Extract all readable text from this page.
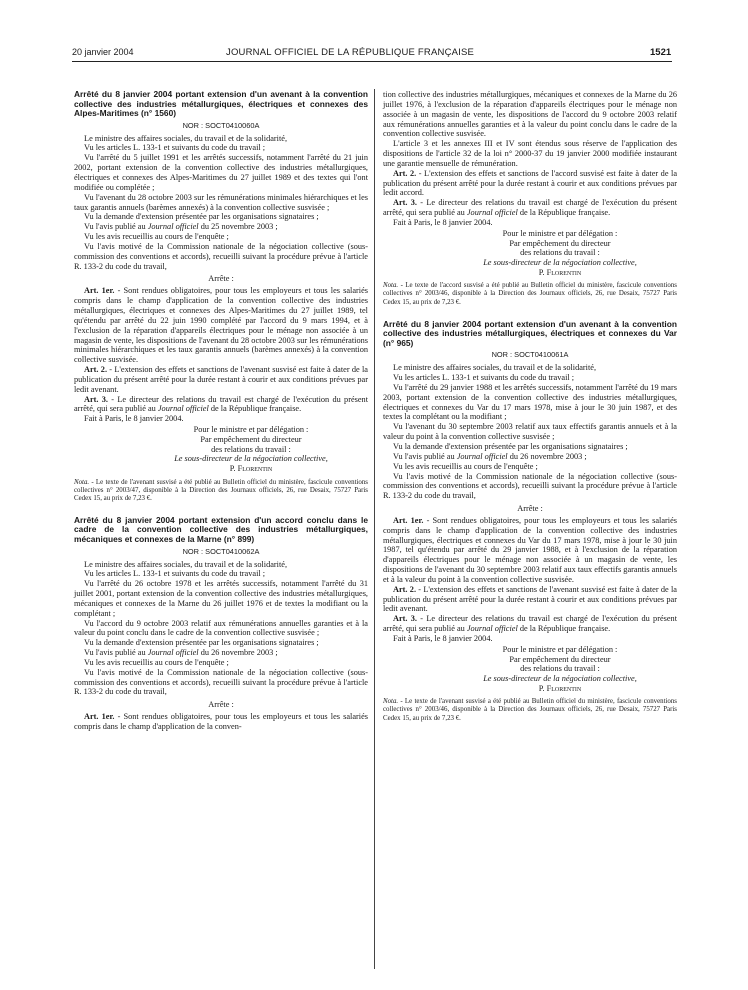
20 janvier 2004	JOURNAL OFFICIEL DE LA RÉPUBLIQUE FRANÇAISE	1521
Arrêté du 8 janvier 2004 portant extension d'un avenant à la convention collective des industries métallurgiques, électriques et connexes des Alpes-Maritimes (n° 1560)
NOR : SOCT0410060A

Le ministre des affaires sociales, du travail et de la solidarité,

Vu les articles L. 133-1 et suivants du code du travail ;

Vu l'arrêté du 5 juillet 1991 et les arrêtés successifs, notamment l'arrêté du 21 juin 2002, portant extension de la convention collective des industries métallurgiques, électriques et connexes des Alpes-Maritimes du 27 juillet 1989 et des textes qui l'ont modifiée ou complétée ;

Vu l'avenant du 28 octobre 2003 sur les rémunérations minimales hiérarchiques et les taux garantis annuels (barèmes annexés) à la convention collective susvisée ;

Vu la demande d'extension présentée par les organisations signataires ;

Vu l'avis publié au Journal officiel du 25 novembre 2003 ;

Vu les avis recueillis au cours de l'enquête ;

Vu l'avis motivé de la Commission nationale de la négociation collective (sous-commission des conventions et accords), recueilli suivant la procédure prévue à l'article R. 133-2 du code du travail,

Arrête :

Art. 1er. - Sont rendues obligatoires, pour tous les employeurs et tous les salariés compris dans le champ d'application de la convention collective des industries métallurgiques, électriques et connexes des Alpes-Maritimes du 27 juillet 1989, tel qu'étendu par arrêté du 22 juin 1990 complété par l'accord du 9 mars 1994, et à l'exclusion de la réparation d'appareils électriques pour le ménage non associée à un magasin de vente, les dispositions de l'avenant du 28 octobre 2003 sur les rémunérations minimales hiérarchiques et les taux garantis annuels (barèmes annexés) à la convention collective susvisée.

Art. 2. - L'extension des effets et sanctions de l'avenant susvisé est faite à dater de la publication du présent arrêté pour la durée restant à courir et aux conditions prévues par ledit avenant.

Art. 3. - Le directeur des relations du travail est chargé de l'exécution du présent arrêté, qui sera publié au Journal officiel de la République française.

Fait à Paris, le 8 janvier 2004.

Pour le ministre et par délégation :
Par empêchement du directeur
des relations du travail :
Le sous-directeur de la négociation collective,
P. Florentin
Nota. - Le texte de l'avenant susvisé a été publié au Bulletin officiel du ministère, fascicule conventions collectives n° 2003/47, disponible à la Direction des Journaux officiels, 26, rue Desaix, 75727 Paris Cedex 15, au prix de 7,23 €.
Arrêté du 8 janvier 2004 portant extension d'un accord conclu dans le cadre de la convention collective des industries métallurgiques, mécaniques et connexes de la Marne (n° 899)
NOR : SOCT0410062A

Le ministre des affaires sociales, du travail et de la solidarité,

Vu les articles L. 133-1 et suivants du code du travail ;

Vu l'arrêté du 26 octobre 1978 et les arrêtés successifs, notamment l'arrêté du 31 juillet 2001, portant extension de la convention collective des industries métallurgiques, mécaniques et connexes de la Marne du 26 juillet 1976 et de textes la modifiant ou la complétant ;

Vu l'accord du 9 octobre 2003 relatif aux rémunérations annuelles garanties et à la valeur du point conclu dans le cadre de la convention collective susvisée ;

Vu la demande d'extension présentée par les organisations signataires ;

Vu l'avis publié au Journal officiel du 26 novembre 2003 ;

Vu les avis recueillis au cours de l'enquête ;

Vu l'avis motivé de la Commission nationale de la négociation collective (sous-commission des conventions et accords), recueilli suivant la procédure prévue à l'article R. 133-2 du code du travail,

Arrête :

Art. 1er. - Sont rendues obligatoires, pour tous les employeurs et tous les salariés compris dans le champ d'application de la conven-

tion collective des industries métallurgiques, mécaniques et connexes de la Marne du 26 juillet 1976, à l'exclusion de la réparation d'appareils électriques pour le ménage non associée à un magasin de vente, les dispositions de l'accord du 9 octobre 2003 relatif aux rémunérations annuelles garanties et à la valeur du point conclu dans le cadre de la convention collective susvisée.

L'article 3 et les annexes III et IV sont étendus sous réserve de l'application des dispositions de l'article 32 de la loi n° 2000-37 du 19 janvier 2000 modifiée instaurant une garantie mensuelle de rémunération.

Art. 2. - L'extension des effets et sanctions de l'accord susvisé est faite à dater de la publication du présent arrêté pour la durée restant à courir et aux conditions prévues par ledit accord.

Art. 3. - Le directeur des relations du travail est chargé de l'exécution du présent arrêté, qui sera publié au Journal officiel de la République française.

Fait à Paris, le 8 janvier 2004.

Pour le ministre et par délégation :
Par empêchement du directeur
des relations du travail :
Le sous-directeur de la négociation collective,
P. Florentin
Nota. - Le texte de l'accord susvisé a été publié au Bulletin officiel du ministère, fascicule conventions collectives n° 2003/46, disponible à la Direction des Journaux officiels, 26, rue Desaix, 75727 Paris Cedex 15, au prix de 7,23 €.
Arrêté du 8 janvier 2004 portant extension d'un avenant à la convention collective des industries métallurgiques, électriques et connexes du Var (n° 965)
NOR : SOCT0410061A

Le ministre des affaires sociales, du travail et de la solidarité,

Vu les articles L. 133-1 et suivants du code du travail ;

Vu l'arrêté du 29 janvier 1988 et les arrêtés successifs, notamment l'arrêté du 19 mars 2003, portant extension de la convention collective des industries métallurgiques, électriques et connexes du Var du 17 mars 1978, mise à jour le 30 juin 1987, et des textes la complétant ou la modifiant ;

Vu l'avenant du 30 septembre 2003 relatif aux taux effectifs garantis annuels et à la valeur du point à la convention collective susvisée ;

Vu la demande d'extension présentée par les organisations signataires ;

Vu l'avis publié au Journal officiel du 26 novembre 2003 ;

Vu les avis recueillis au cours de l'enquête ;

Vu l'avis motivé de la Commission nationale de la négociation collective (sous-commission des conventions et accords), recueilli suivant la procédure prévue à l'article R. 133-2 du code du travail,

Arrête :

Art. 1er. - Sont rendues obligatoires, pour tous les employeurs et tous les salariés compris dans le champ d'application de la convention collective des industries métallurgiques, électriques et connexes du Var du 17 mars 1978, mise à jour le 30 juin 1987, tel qu'étendu par arrêté du 29 janvier 1988, et à l'exclusion de la réparation d'appareils électriques pour le ménage non associée à un magasin de vente, les dispositions de l'avenant du 30 septembre 2003 relatif aux taux effectifs garantis annuels et à la valeur du point à la convention collective susvisée.

Art. 2. - L'extension des effets et sanctions de l'avenant susvisé est faite à dater de la publication du présent arrêté pour la durée restant à courir et aux conditions prévues par ledit avenant.

Art. 3. - Le directeur des relations du travail est chargé de l'exécution du présent arrêté, qui sera publié au Journal officiel de la République française.

Fait à Paris, le 8 janvier 2004.

Pour le ministre et par délégation :
Par empêchement du directeur
des relations du travail :
Le sous-directeur de la négociation collective,
P. Florentin
Nota. - Le texte de l'avenant susvisé a été publié au Bulletin officiel du ministère, fascicule conventions collectives n° 2003/46, disponible à la Direction des Journaux officiels, 26, rue Desaix, 75727 Paris Cedex 15, au prix de 7,23 €.
